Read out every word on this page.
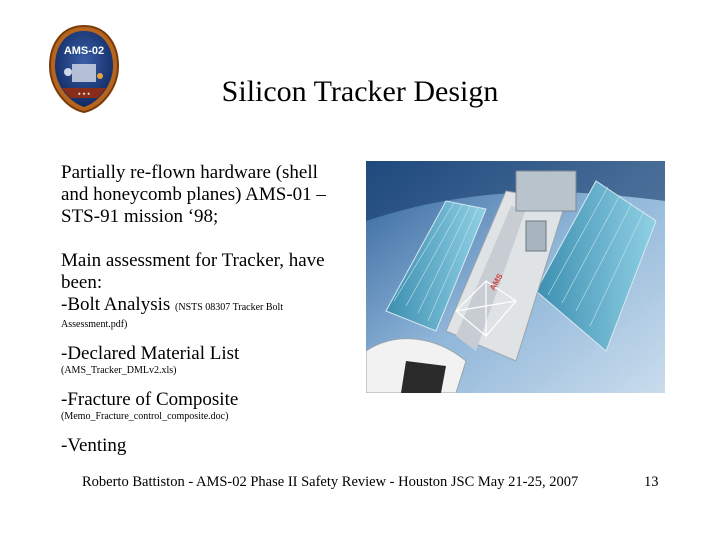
AMS-02
★ ★ ★	Silicon Tracker Design
Partially re-flown hardware (shell
and honeycomb planes) AMS-01 –
STS-91 mission ‘98;
Main assessment for Tracker, have
been:
-Bolt Analysis (NSTS 08307 Tracker Bolt
Assessment.pdf)
-Declared Material List
(AMS_Tracker_DMLv2.xls)
-Fracture of Composite
(Memo_Fracture_control_composite.doc)
-Venting
AMS
Roberto Battiston - AMS-02 Phase II Safety Review - Houston JSC May 21-25, 2007	13
